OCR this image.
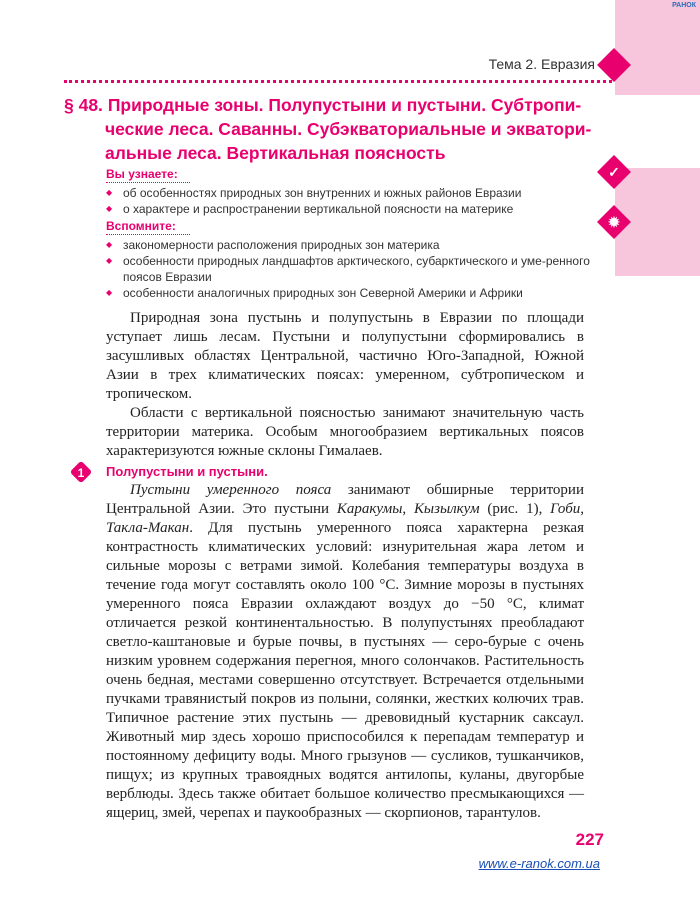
РАНОК
✓
✹
Тема 2. Евразия
§ 48. Природные зоны. Полупустыни и пустыни. Субтропи-
ческие леса. Саванны. Субэкваториальные и экватори-
альные леса. Вертикальная поясность
Вы узнаете:
◆ об особенностях природных зон внутренних и южных районов Евразии
◆ о характере и распространении вертикальной поясности на материке
Вспомните:
◆ закономерности расположения природных зон материка
◆ особенности природных ландшафтов арктического, субарктического и уме-ренного поясов Евразии
◆ особенности аналогичных природных зон Северной Америки и Африки

Природная зона пустынь и полупустынь в Евразии по площади уступает лишь лесам. Пустыни и полупустыни сформировались в засушливых областях Центральной, частично Юго-Западной, Южной Азии в трех климатических поясах: умеренном, субтропическом и тропическом.

Области с вертикальной поясностью занимают значительную часть территории материка. Особым многообразием вертикальных поясов характеризуются южные склоны Гималаев.

1	Полупустыни и пустыни.

Пустыни умеренного пояса занимают обширные территории Центральной Азии. Это пустыни Каракумы, Кызылкум (рис. 1), Гоби, Такла-Макан. Для пустынь умеренного пояса характерна резкая контрастность климатических условий: изнурительная жара летом и сильные морозы с ветрами зимой. Колебания температуры воздуха в течение года могут составлять около 100 °С. Зимние морозы в пустынях умеренного пояса Евразии охлаждают воздух до −50 °С, климат отличается резкой континентальностью. В полупустынях преобладают светло-каштановые и бурые почвы, в пустынях — серо-бурые с очень низким уровнем содержания перегноя, много солончаков. Растительность очень бедная, местами совершенно отсутствует. Встречается отдельными пучками травянистый покров из полыни, солянки, жестких колючих трав. Типичное растение этих пустынь — древовидный кустарник саксаул. Животный мир здесь хорошо приспособился к перепадам температур и постоянному дефициту воды. Много грызунов — сусликов, тушканчиков, пищух; из крупных травоядных водятся антилопы, куланы, двугорбые верблюды. Здесь также обитает большое количество пресмыкающихся — ящериц, змей, черепах и паукообразных — скорпионов, тарантулов.

227
www.e-ranok.com.ua
